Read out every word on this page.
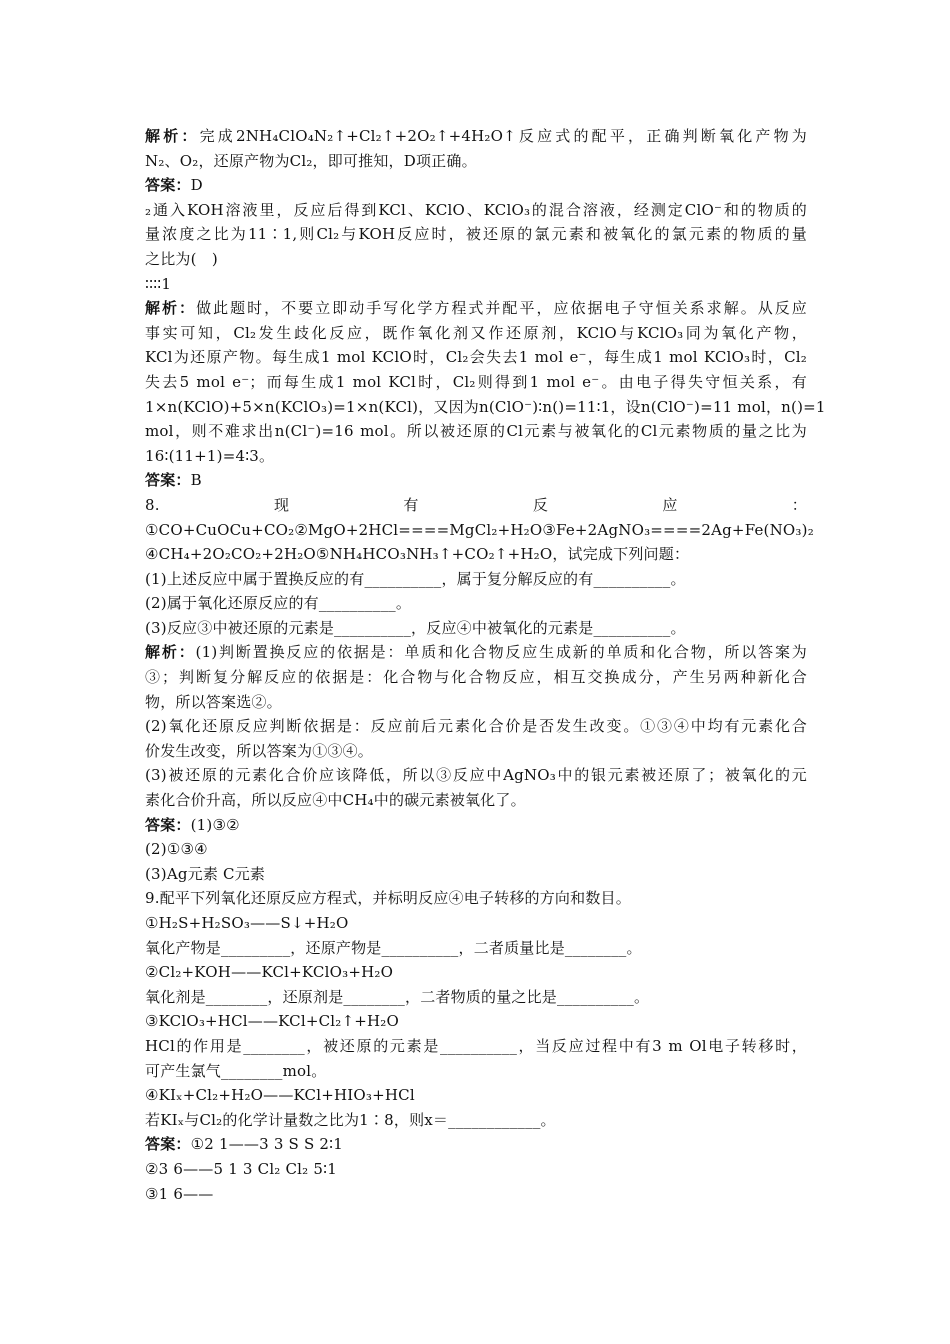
解析：完成2NH₄ClO₄N₂↑+Cl₂↑+2O₂↑+4H₂O↑反应式的配平，正确判断氧化产物为
N₂、O₂，还原产物为Cl₂，即可推知，D项正确。
答案：D
₂通入KOH溶液里，反应后得到KCl、KClO、KClO₃的混合溶液，经测定ClO⁻和的物质的
量浓度之比为11∶1,则Cl₂与KOH反应时，被还原的氯元素和被氧化的氯元素的物质的量
之比为(　)
∶∶∶∶1
解析：做此题时，不要立即动手写化学方程式并配平，应依据电子守恒关系求解。从反应
事实可知，Cl₂发生歧化反应，既作氧化剂又作还原剂，KClO与KClO₃同为氧化产物，
KCl为还原产物。每生成1 mol KClO时，Cl₂会失去1 mol e⁻，每生成1 mol KClO₃时，Cl₂
失去5 mol e⁻；而每生成1 mol KCl时，Cl₂则得到1 mol e⁻。由电子得失守恒关系，有
1×n(KClO)+5×n(KClO₃)=1×n(KCl)，又因为n(ClO⁻)∶n()=11∶1，设n(ClO⁻)=11 mol，n()=1
mol，则不难求出n(Cl⁻)=16 mol。所以被还原的Cl元素与被氧化的Cl元素物质的量之比为
16∶(11+1)=4∶3。
答案：B
8.	现	有	反	应	：
① CO+CuOCu+CO₂②MgO+2HCl====MgCl₂+H₂O③Fe+2AgNO₃====2Ag+Fe(NO₃)₂
④CH₄+2O₂CO₂+2H₂O⑤NH₄HCO₃NH₃↑+CO₂↑+H₂O，试完成下列问题：
(1)上述反应中属于置换反应的有__________，属于复分解反应的有__________。
(2)属于氧化还原反应的有__________。
(3)反应③中被还原的元素是__________，反应④中被氧化的元素是__________。
解析：(1)判断置换反应的依据是：单质和化合物反应生成新的单质和化合物，所以答案为
③；判断复分解反应的依据是：化合物与化合物反应，相互交换成分，产生另两种新化合
物，所以答案选②。
(2)氧化还原反应判断依据是：反应前后元素化合价是否发生改变。①③④中均有元素化合
价发生改变，所以答案为①③④。
(3)被还原的元素化合价应该降低，所以③反应中AgNO₃中的银元素被还原了；被氧化的元
素化合价升高，所以反应④中CH₄中的碳元素被氧化了。
答案：(1)③②
(2)①③④
(3)Ag元素 C元素
9.配平下列氧化还原反应方程式，并标明反应④电子转移的方向和数目。
①H₂S+H₂SO₃——S↓+H₂O
氧化产物是_________，还原产物是__________，二者质量比是________。
②Cl₂+KOH——KCl+KClO₃+H₂O
氧化剂是________，还原剂是________，二者物质的量之比是__________。
③KClO₃+HCl——KCl+Cl₂↑+H₂O
HCl的作用是________，被还原的元素是__________，当反应过程中有3 m Ol电子转移时，
可产生氯气________mol。
④KIₓ+Cl₂+H₂O——KCl+HIO₃+HCl
若KIₓ与Cl₂的化学计量数之比为1∶8，则x＝____________。
答案：①2 1——3 3 S S 2∶1
②3 6——5 1 3 Cl₂ Cl₂ 5∶1
③1 6——
